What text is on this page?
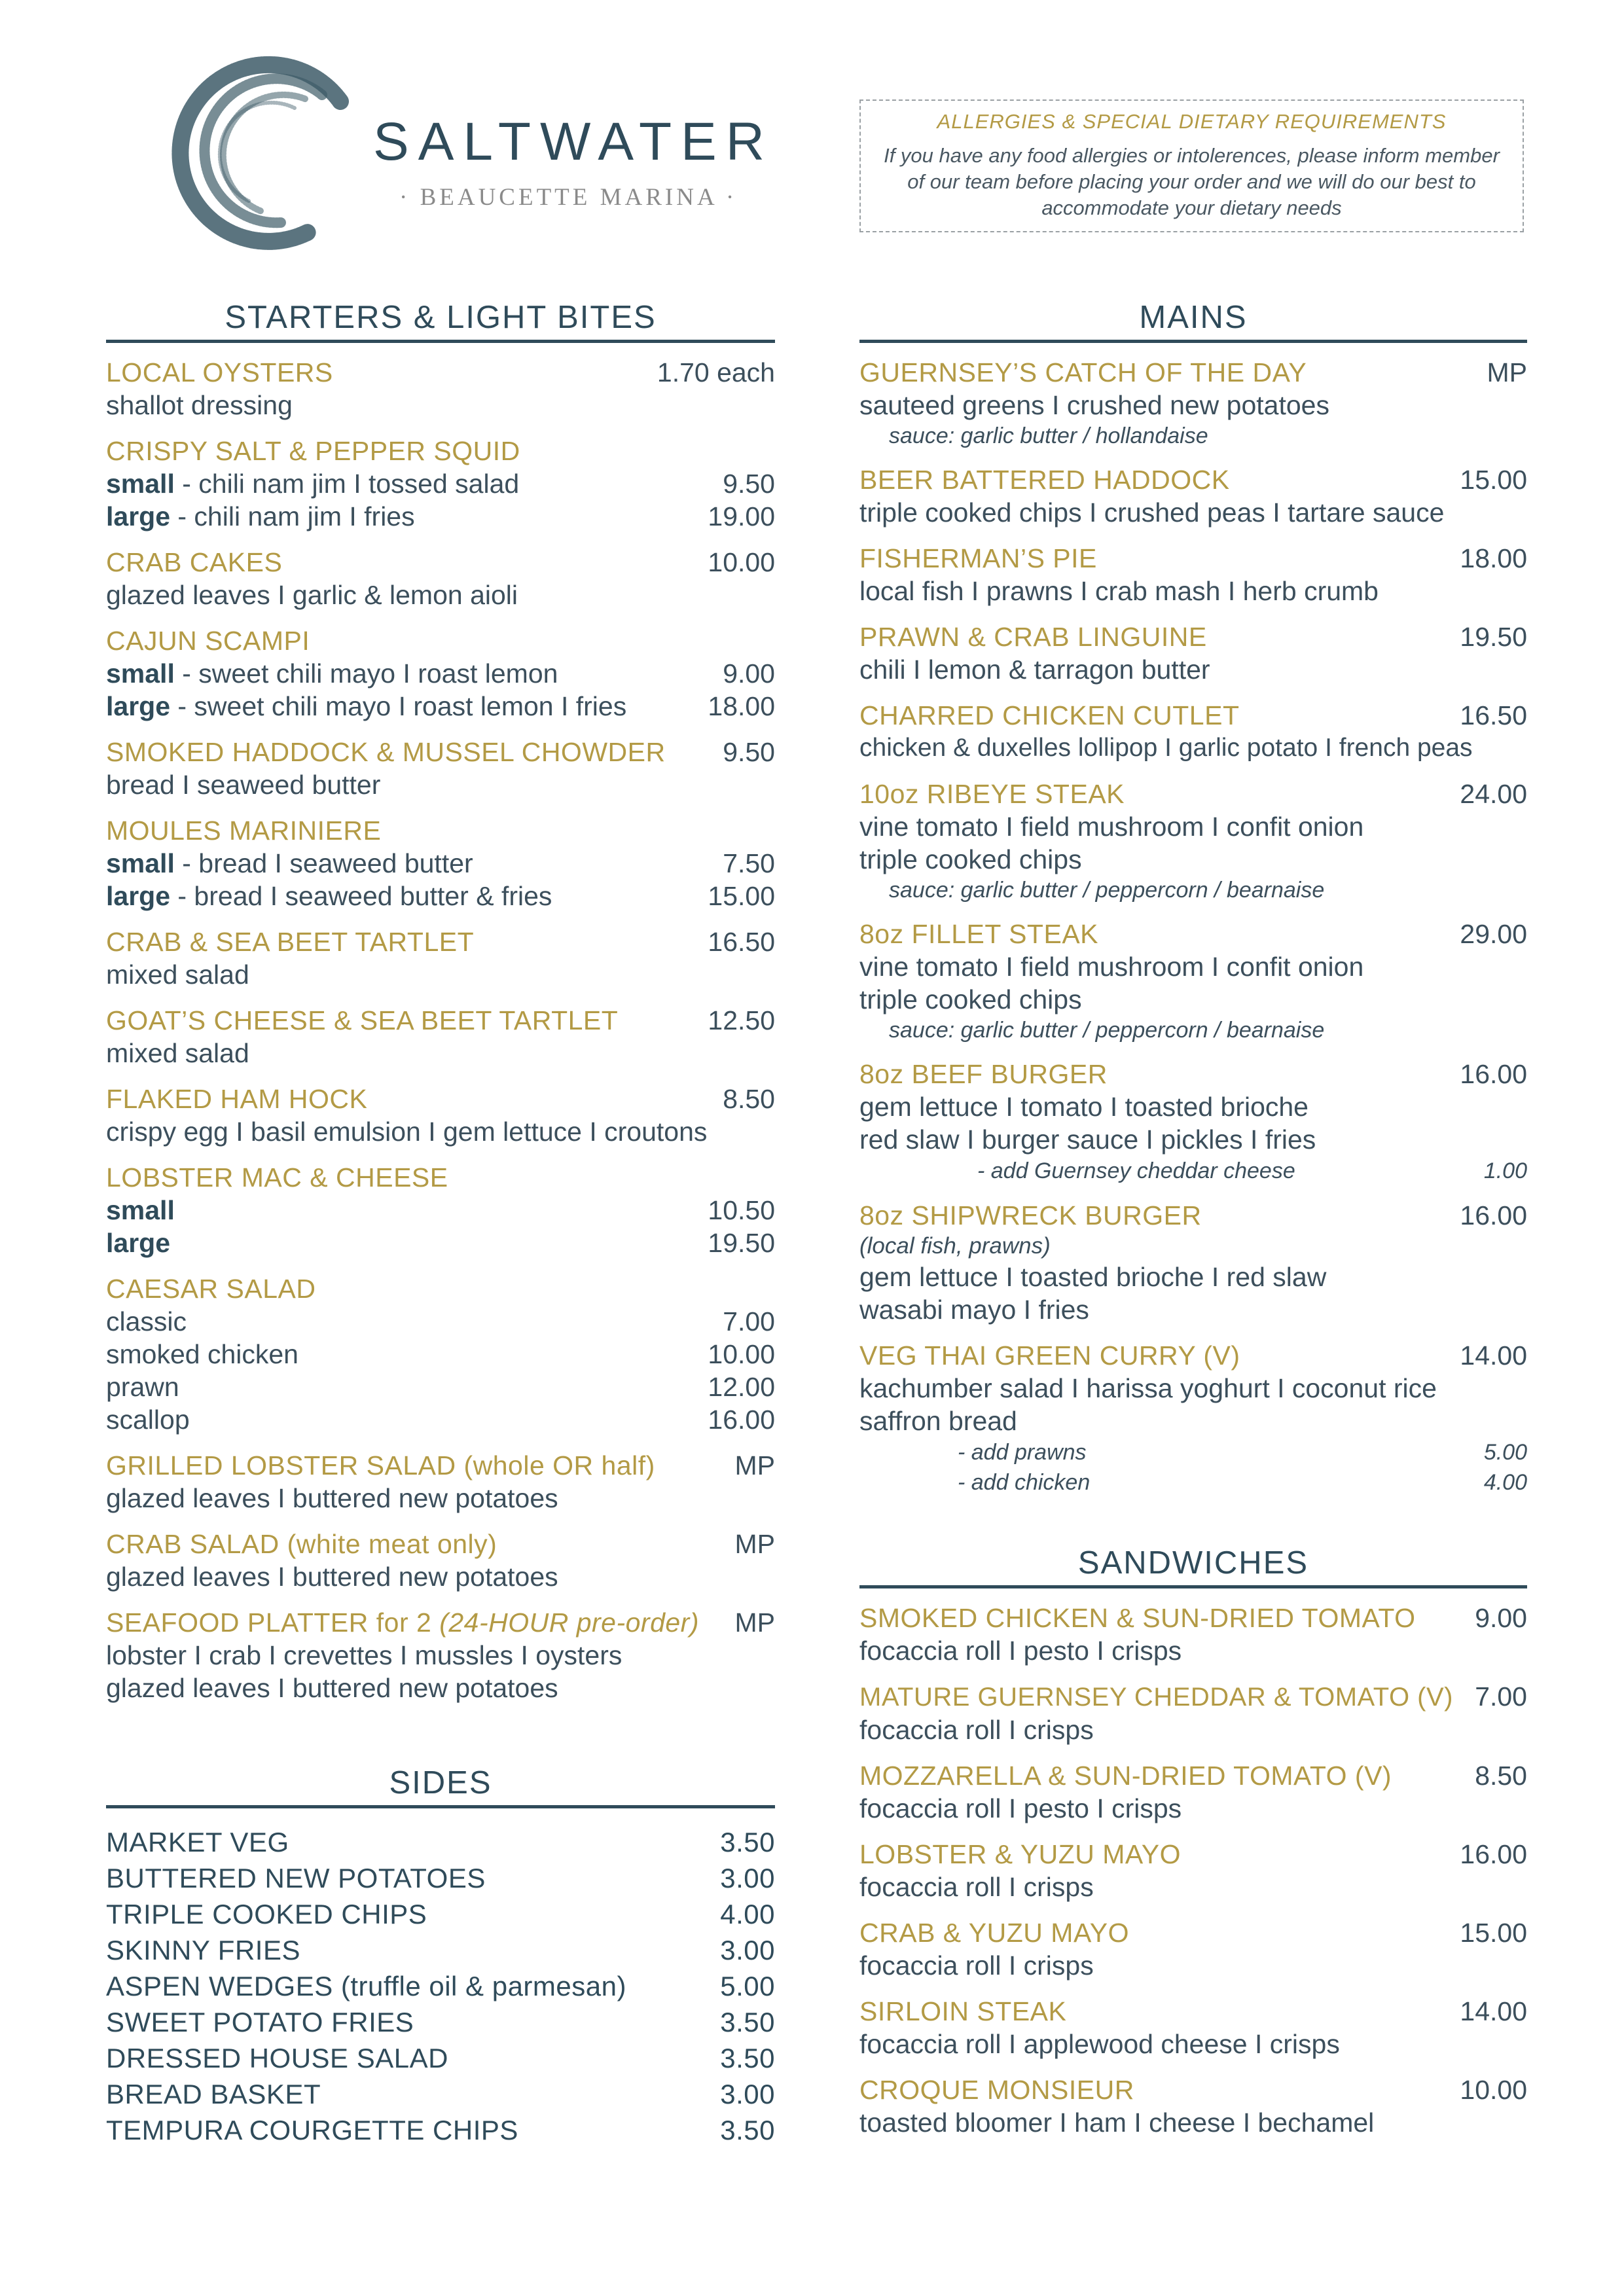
SALTWATER
· BEAUCETTE MARINA ·
ALLERGIES & SPECIAL DIETARY REQUIREMENTS
If you have any food allergies or intolerences, please inform member of our team before placing your order and we will do our best to accommodate your dietary needs
STARTERS & LIGHT BITES
LOCAL OYSTERS	1.70 each
shallot dressing
CRISPY SALT & PEPPER SQUID
small - chili nam jim I tossed salad	9.50
large - chili nam jim I fries	19.00
CRAB CAKES	10.00
glazed leaves I garlic & lemon aioli
CAJUN SCAMPI
small - sweet chili mayo I roast lemon	9.00
large - sweet chili mayo I roast lemon I fries	18.00
SMOKED HADDOCK & MUSSEL CHOWDER 9.50
bread I seaweed butter
MOULES MARINIERE
small - bread I seaweed butter	7.50
large - bread I seaweed butter & fries	15.00
CRAB & SEA BEET TARTLET	16.50
mixed salad
GOAT’S CHEESE & SEA BEET TARTLET	12.50
mixed salad
FLAKED HAM HOCK	8.50
crispy egg I basil emulsion I gem lettuce I croutons
LOBSTER MAC & CHEESE
small	10.50
large	19.50
CAESAR SALAD
classic	7.00
smoked chicken	10.00
prawn	12.00
scallop	16.00
GRILLED LOBSTER SALAD (whole OR half)	MP
glazed leaves I buttered new potatoes
CRAB SALAD (white meat only)	MP
glazed leaves I buttered new potatoes
SEAFOOD PLATTER for 2 (24-HOUR pre-order) MP
lobster I crab I crevettes I mussles I oysters
glazed leaves I buttered new potatoes
SIDES
MARKET VEG	3.50
BUTTERED NEW POTATOES	3.00
TRIPLE COOKED CHIPS	4.00
SKINNY FRIES	3.00
ASPEN WEDGES (truffle oil & parmesan)	5.00
SWEET POTATO FRIES	3.50
DRESSED HOUSE SALAD	3.50
BREAD BASKET	3.00
TEMPURA COURGETTE CHIPS	3.50
MAINS
GUERNSEY’S CATCH OF THE DAY	MP
sauteed greens I crushed new potatoes
sauce: garlic butter / hollandaise
BEER BATTERED HADDOCK	15.00
triple cooked chips I crushed peas I tartare sauce
FISHERMAN’S PIE	18.00
local fish I prawns I crab mash I herb crumb
PRAWN & CRAB LINGUINE	19.50
chili I lemon & tarragon butter
CHARRED CHICKEN CUTLET	16.50
chicken & duxelles lollipop I garlic potato I french peas
10oz RIBEYE STEAK	24.00
vine tomato I field mushroom I confit onion
triple cooked chips
sauce: garlic butter / peppercorn / bearnaise
8oz FILLET STEAK	29.00
vine tomato I field mushroom I confit onion
triple cooked chips
sauce: garlic butter / peppercorn / bearnaise
8oz BEEF BURGER	16.00
gem lettuce I tomato I toasted brioche
red slaw I burger sauce I pickles I fries
- add Guernsey cheddar cheese	1.00
8oz SHIPWRECK BURGER	16.00
(local fish, prawns)
gem lettuce I toasted brioche I red slaw
wasabi mayo I fries
VEG THAI GREEN CURRY (V)	14.00
kachumber salad I harissa yoghurt I coconut rice
saffron bread
- add prawns	5.00
- add chicken	4.00
SANDWICHES
SMOKED CHICKEN & SUN-DRIED TOMATO 9.00
focaccia roll I pesto I crisps
MATURE GUERNSEY CHEDDAR & TOMATO (V) 7.00
focaccia roll I crisps
MOZZARELLA & SUN-DRIED TOMATO (V)	8.50
focaccia roll I pesto I crisps
LOBSTER & YUZU MAYO	16.00
focaccia roll I crisps
CRAB & YUZU MAYO	15.00
focaccia roll I crisps
SIRLOIN STEAK	14.00
focaccia roll I applewood cheese I crisps
CROQUE MONSIEUR	10.00
toasted bloomer I ham I cheese I bechamel
